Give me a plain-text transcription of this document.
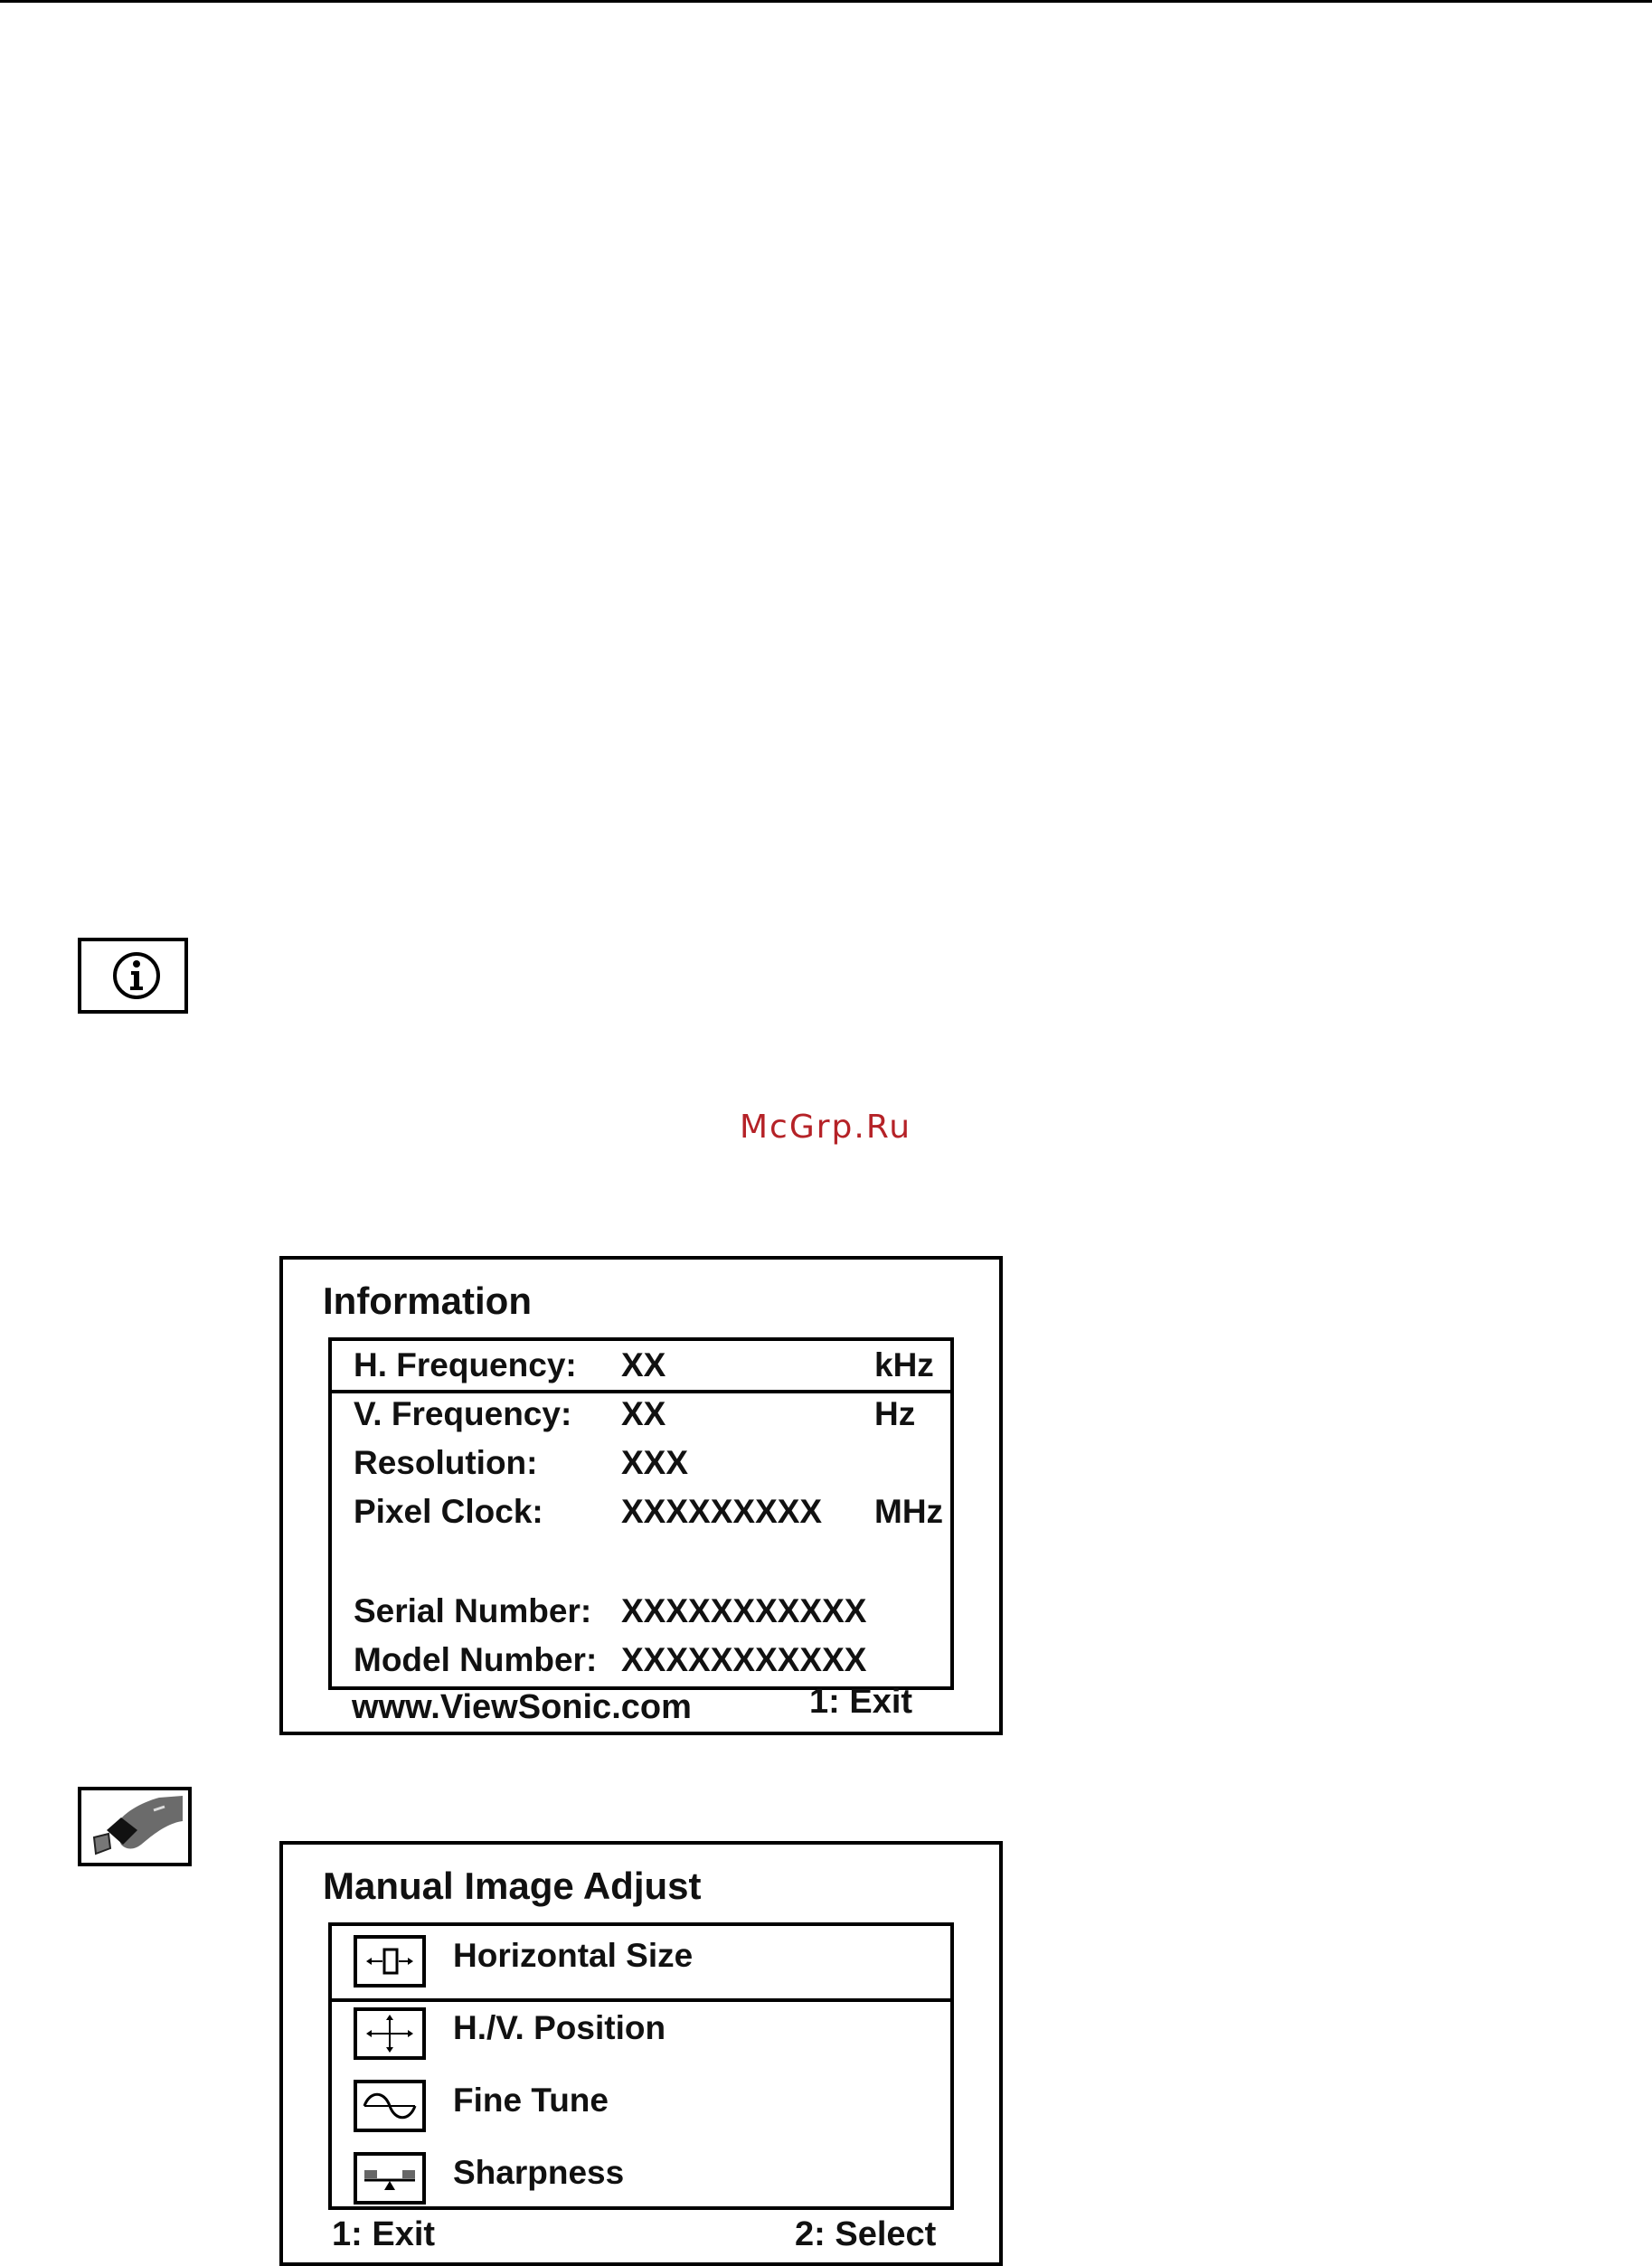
McGrp.Ru
Information
H. Frequency: XX	kHz
V. Frequency: XX	Hz
Resolution:	XXX
Pixel Clock: XXXXXXXXX MHz
Serial Number: XXXXXXXXXXX
Model Number: XXXXXXXXXXX
www.ViewSonic.com	1: Exit
Manual Image Adjust
Horizontal Size
H./V. Position
Fine Tune
Sharpness
1: Exit	2: Select
